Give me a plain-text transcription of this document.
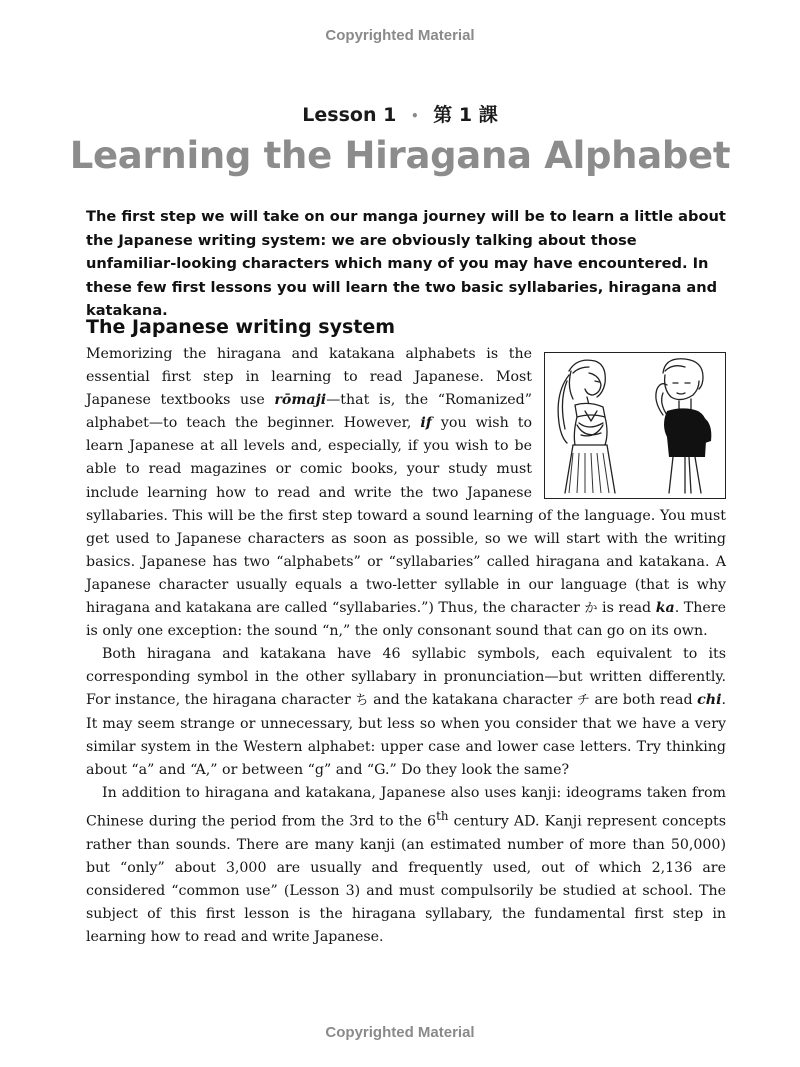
Copyrighted Material
Lesson 1 • 第 1 課
Learning the Hiragana Alphabet

The first step we will take on our manga journey will be to learn a little about the Japanese writing system: we are obviously talking about those unfamiliar-looking characters which many of you may have encountered. In these few first lessons you will learn the two basic syllabaries, hiragana and katakana.

The Japanese writing system

Memorizing the hiragana and katakana alphabets is the essential first step in learning to read Japanese. Most Japanese textbooks use rōmaji—that is, the “Romanized” alphabet—to teach the beginner. However, if you wish to learn Japanese at all levels and, especially, if you wish to be able to read magazines or comic books, your study must include learning how to read and write the two Japanese syllabaries. This will be the first step toward a sound learning of the language. You must get used to Japanese characters as soon as possible, so we will start with the writing basics. Japanese has two “alphabets” or “syllabaries” called hiragana and katakana. A Japanese character usually equals a two-letter syllable in our language (that is why hiragana and katakana are called “syllabaries.”) Thus, the character か is read ka. There is only one exception: the sound “n,” the only consonant sound that can go on its own.

Both hiragana and katakana have 46 syllabic symbols, each equivalent to its corresponding symbol in the other syllabary in pronunciation—but written differently. For instance, the hiragana character ち and the katakana character チ are both read chi. It may seem strange or unnecessary, but less so when you consider that we have a very similar system in the Western alphabet: upper case and lower case letters. Try thinking about “a” and “A,” or between “g” and “G.” Do they look the same?

In addition to hiragana and katakana, Japanese also uses kanji: ideograms taken from Chinese during the period from the 3rd to the 6th century AD. Kanji represent concepts rather than sounds. There are many kanji (an estimated number of more than 50,000) but “only” about 3,000 are usually and frequently used, out of which 2,136 are considered “common use” (Lesson 3) and must compulsorily be studied at school. The subject of this first lesson is the hiragana syllabary, the fundamental first step in learning how to read and write Japanese.

Copyrighted Material
